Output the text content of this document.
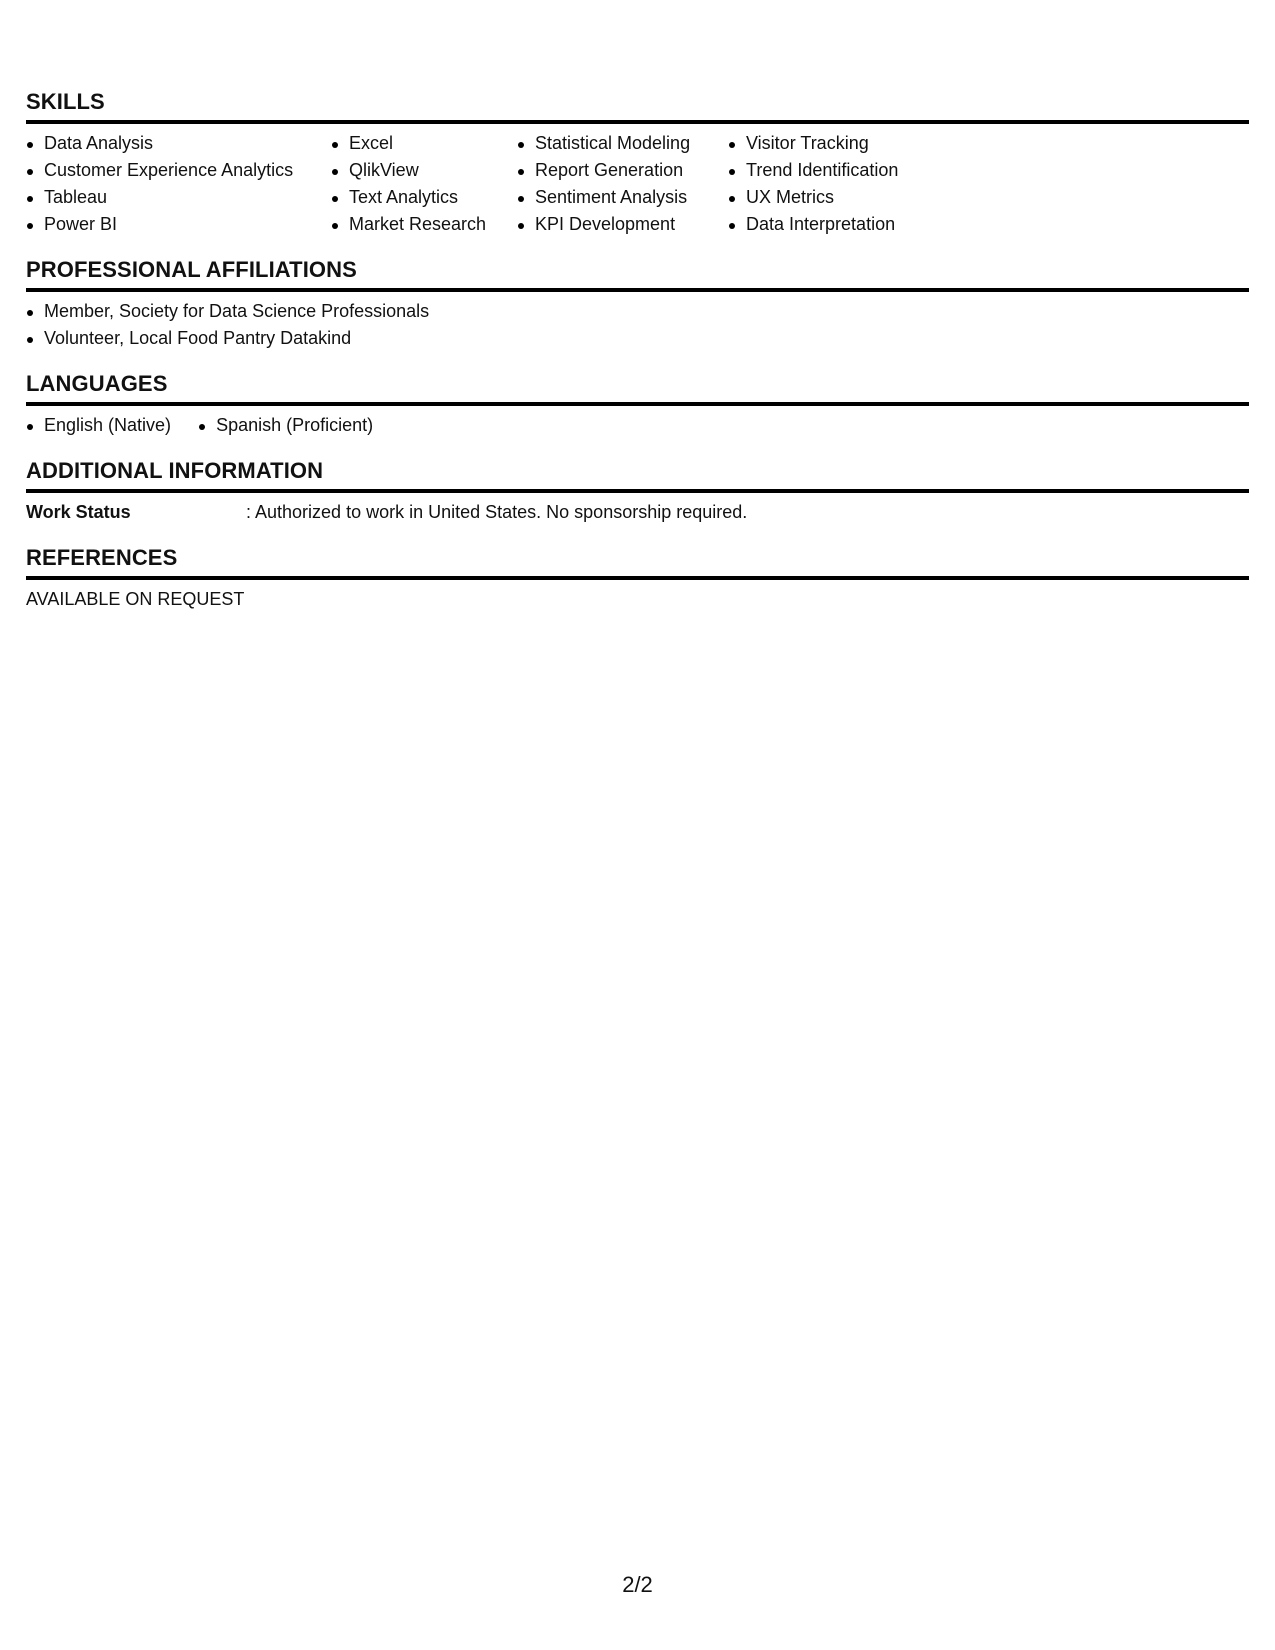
SKILLS
Data Analysis
Customer Experience Analytics
Tableau
Power BI
Excel
QlikView
Text Analytics
Market Research
Statistical Modeling
Report Generation
Sentiment Analysis
KPI Development
Visitor Tracking
Trend Identification
UX Metrics
Data Interpretation
PROFESSIONAL AFFILIATIONS
Member, Society for Data Science Professionals
Volunteer, Local Food Pantry Datakind
LANGUAGES
English (Native)	Spanish (Proficient)
ADDITIONAL INFORMATION
Work Status	: Authorized to work in United States. No sponsorship required.
REFERENCES
AVAILABLE ON REQUEST
2/2
